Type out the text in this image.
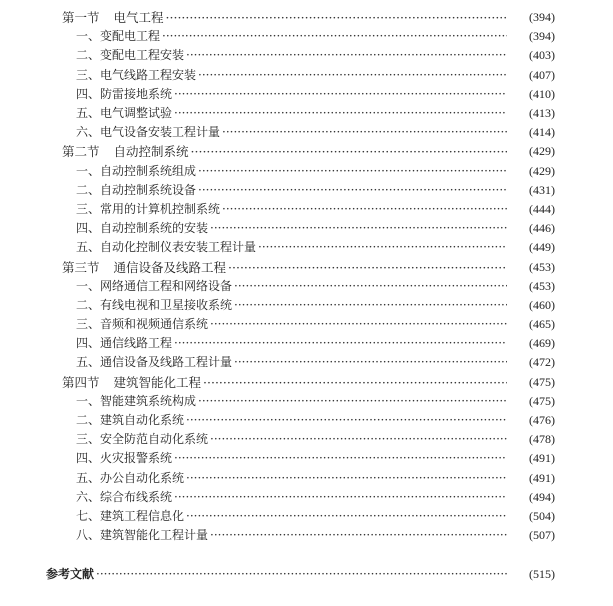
第一节 电气工程 ·····	(394)
一、变配电工程 ·····	(394)
二、变配电工程安装 ·····	(403)
三、电气线路工程安装 ·····	(407)
四、防雷接地系统 ·····	(410)
五、电气调整试验 ·····	(413)
六、电气设备安装工程计量 ·····	(414)
第二节 自动控制系统 ·····	(429)
一、自动控制系统组成 ·····	(429)
二、自动控制系统设备 ·····	(431)
三、常用的计算机控制系统 ·····	(444)
四、自动控制系统的安装 ·····	(446)
五、自动化控制仪表安装工程计量 ·····	(449)
第三节 通信设备及线路工程 ·····	(453)
一、网络通信工程和网络设备 ·····	(453)
二、有线电视和卫星接收系统 ·····	(460)
三、音频和视频通信系统 ·····	(465)
四、通信线路工程 ·····	(469)
五、通信设备及线路工程计量 ·····	(472)
第四节 建筑智能化工程 ·····	(475)
一、智能建筑系统构成 ·····	(475)
二、建筑自动化系统 ·····	(476)
三、安全防范自动化系统 ·····	(478)
四、火灾报警系统 ·····	(491)
五、办公自动化系统 ·····	(491)
六、综合布线系统 ·····	(494)
七、建筑工程信息化 ·····	(504)
八、建筑智能化工程计量 ·····	(507)
参考文献 ·····	(515)
